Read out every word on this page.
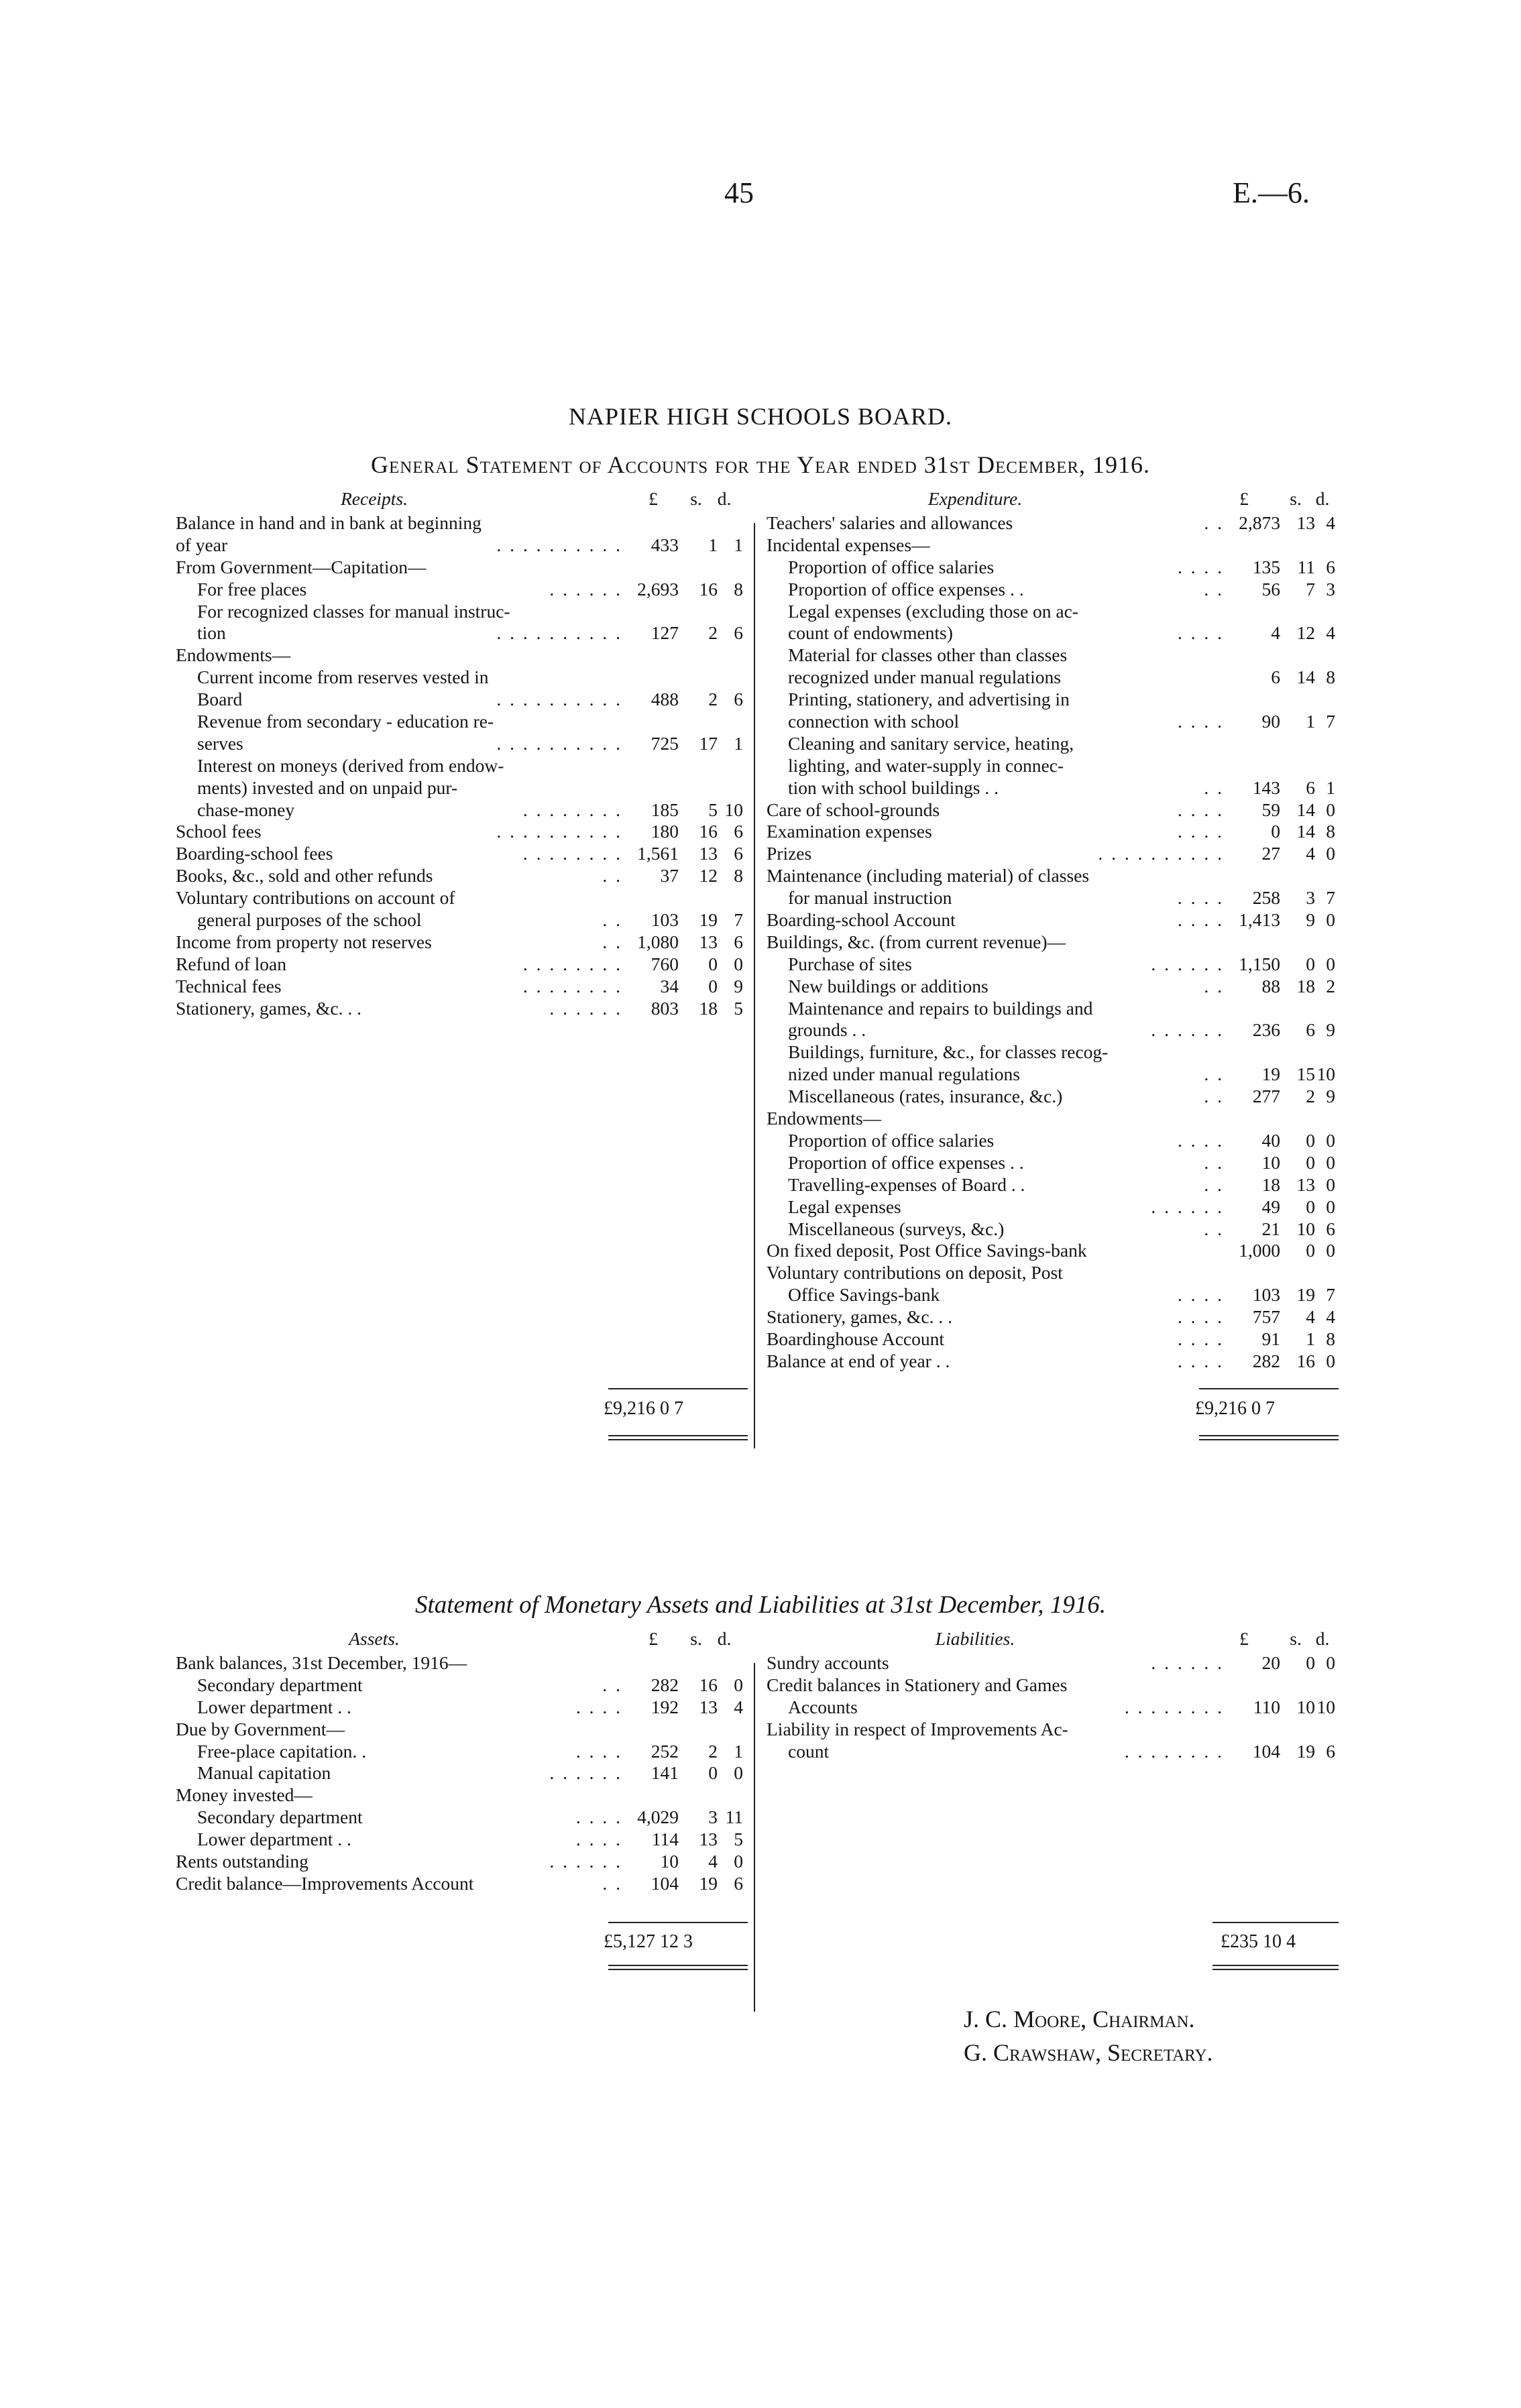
45	E.—6.
NAPIER HIGH SCHOOLS BOARD.
General Statement of Accounts for the Year ended 31st December, 1916.
Receipts.	£	s. d.
Balance in hand and in bank at beginning
of year	. . . . . . . . . . 433 1 1
From Government—Capitation—
For free places	. . . . . . 2,693 16 8
For recognized classes for manual instruc-
tion	. . . . . . . . . . 127 2 6
Endowments—
Current income from reserves vested in
Board	. . . . . . . . . . 488 2 6
Revenue from secondary - education re-
serves	. . . . . . . . . . 725 17 1
Interest on moneys (derived from endow-
ments) invested and on unpaid pur-
chase-money	. . . . . . . . 185 5 10
School fees	. . . . . . . . . . 180 16 6
Boarding-school fees	. . . . . . . . 1,561 13 6
Books, &c., sold and other refunds	. . 37 12 8
Voluntary contributions on account of
general purposes of the school	. . 103 19 7
Income from property not reserves	. . 1,080 13 6
Refund of loan	. . . . . . . . 760 0 0
Technical fees	. . . . . . . . 34 0 9
Stationery, games, &c. . .	. . . . . . 803 18 5
Expenditure.	£	s. d.
Teachers' salaries and allowances	. . 2,873 13 4
Incidental expenses—
Proportion of office salaries	. . . . 135 11 6
Proportion of office expenses . .	. . 56 7 3
Legal expenses (excluding those on ac-
count of endowments)	. . . .	4 12 4
Material for classes other than classes
recognized under manual regulations	6 14 8
Printing, stationery, and advertising in
connection with school	. . . . 90 1 7
Cleaning and sanitary service, heating,
lighting, and water-supply in connec-
tion with school buildings . .	. . 143 6 1
Care of school-grounds	. . . . 59 14 0
Examination expenses	. . . .	0 14 8
Prizes	. . . . . . . . . . 27 4 0
Maintenance (including material) of classes
for manual instruction	. . . . 258 3 7
Boarding-school Account	. . . . 1,413 9 0
Buildings, &c. (from current revenue)—
Purchase of sites	. . . . . . 1,150 0 0
New buildings or additions	. . 88 18 2
Maintenance and repairs to buildings and
grounds . .	. . . . . . 236 6 9
Buildings, furniture, &c., for classes recog-
nized under manual regulations	. . 19 15 10
Miscellaneous (rates, insurance, &c.)	. . 277 2 9
Endowments—
Proportion of office salaries	. . . . 40 0 0
Proportion of office expenses . .	. . 10 0 0
Travelling-expenses of Board . .	. . 18 13 0
Legal expenses	. . . . . . 49 0 0
Miscellaneous (surveys, &c.)	. . 21 10 6
On fixed deposit, Post Office Savings-bank	1,000 0 0
Voluntary contributions on deposit, Post
Office Savings-bank	. . . . 103 19 7
Stationery, games, &c. . .	. . . . 757 4 4
Boardinghouse Account	. . . . 91 1 8
Balance at end of year . .	. . . . 282 16 0
£9,216 0 7	£9,216 0 7
Statement of Monetary Assets and Liabilities at 31st December, 1916.
Assets.	£	s. d.
Bank balances, 31st December, 1916—
Secondary department	. . 282 16 0
Lower department . .	. . . . 192 13 4
Due by Government—
Free-place capitation. .	. . . . 252 2 1
Manual capitation	. . . . . . 141 0 0
Money invested—
Secondary department	. . . . 4,029 3 11
Lower department . .	. . . . 114 13 5
Rents outstanding	. . . . . . 10 4 0
Credit balance—Improvements Account	. . 104 19 6
Liabilities.	£	s. d.
Sundry accounts	. . . . . . 20 0 0
Credit balances in Stationery and Games
Accounts	. . . . . . . . 110 10 10
Liability in respect of Improvements Ac-
count	. . . . . . . . 104 19 6
£5,127 12 3	£235 10 4
J. C. Moore, Chairman.
G. Crawshaw, Secretary.
